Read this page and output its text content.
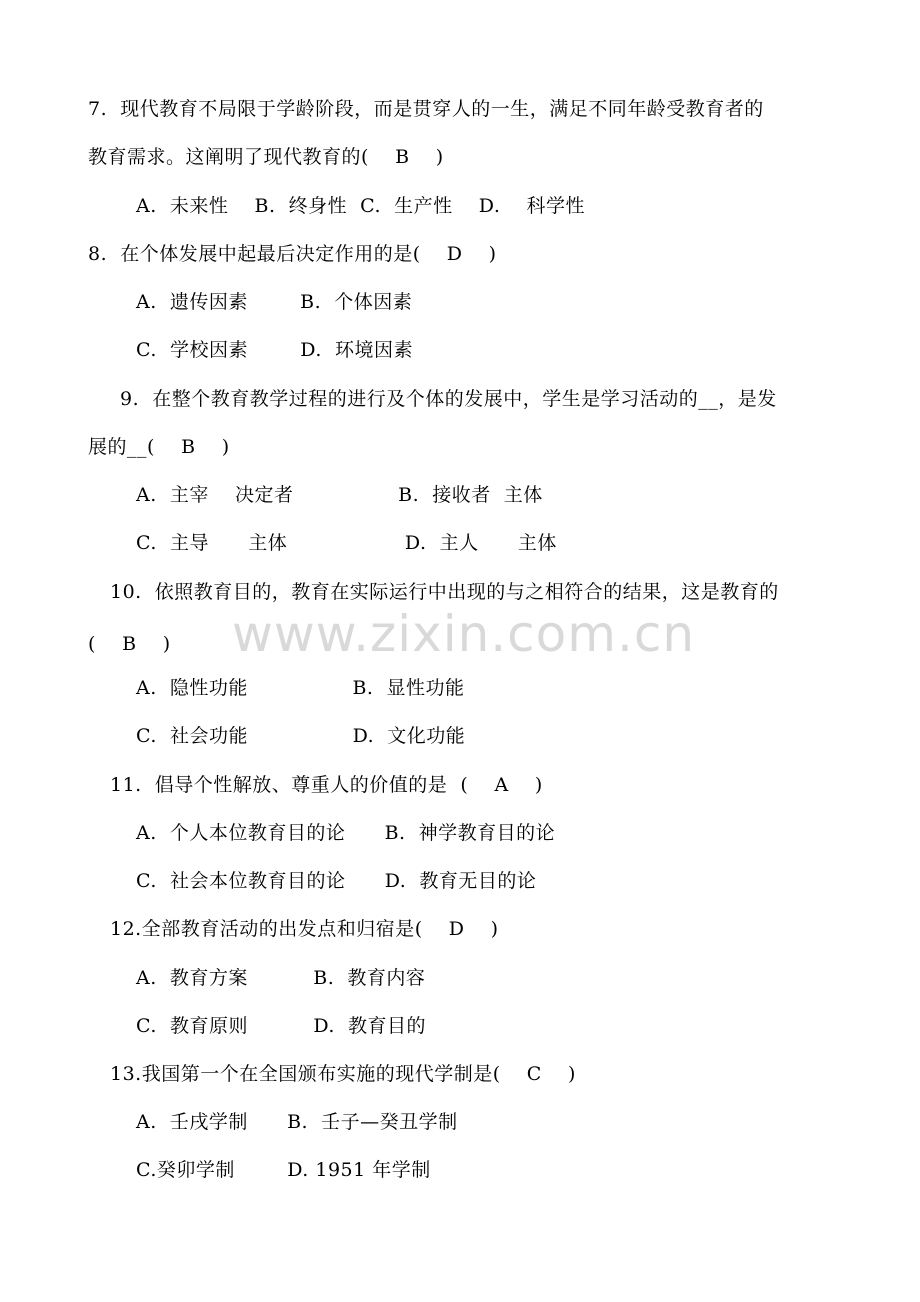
7.  现代教育不局限于学龄阶段，而是贯穿人的一生，满足不同年龄受教育者的
教育需求。这阐明了现代教育的(    B    )
A.  未来性    B.  终身性  C.  生产性    D.    科学性
8.  在个体发展中起最后决定作用的是(    D    )
A.  遗传因素        B.  个体因素
C.  学校因素        D.  环境因素
9.  在整个教育教学过程的进行及个体的发展中，学生是学习活动的__，是发
展的__(    B    )
A.  主宰    决定者                B.  接收者  主体
C.  主导      主体                  D.  主人      主体
10.  依照教育目的，教育在实际运行中出现的与之相符合的结果，这是教育的
(    B    )
A.  隐性功能                B.  显性功能
C.  社会功能                D.  文化功能
11.  倡导个性解放、尊重人的价值的是  (    A    )
A.  个人本位教育目的论      B.  神学教育目的论
C.  社会本位教育目的论      D.  教育无目的论
12.全部教育活动的出发点和归宿是(    D    )
A.  教育方案          B.  教育内容
C.  教育原则          D.  教育目的
13.我国第一个在全国颁布实施的现代学制是(    C    )
A.  壬戌学制      B.  壬子—癸丑学制
C.癸卯学制        D. 1951 年学制
www.zixin.com.cn
